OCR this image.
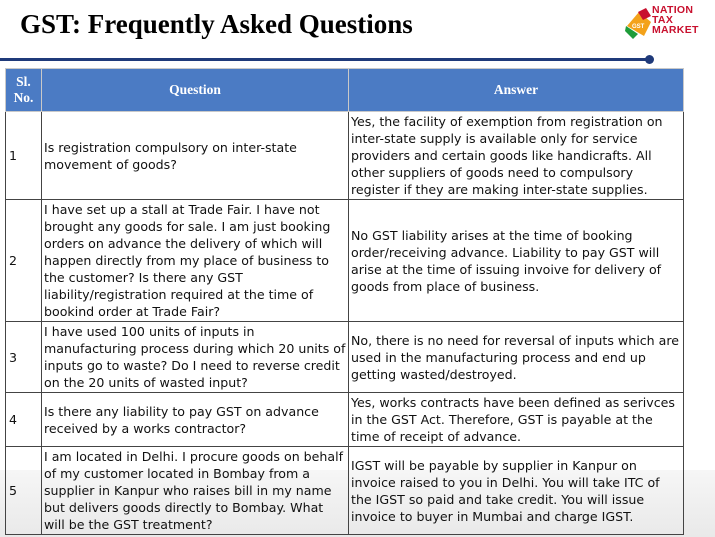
GST: Frequently Asked Questions	GST
NATION
TAX
MARKET
Sl. No.	Question	Answer
1	Is registration compulsory on inter-state movement of goods?	Yes, the facility of exemption from registration on inter-state supply is available only for service providers and certain goods like handicrafts. All other suppliers of goods need to compulsory register if they are making inter-state supplies.
2	I have set up a stall at Trade Fair. I have not brought any goods for sale. I am just booking orders on advance the delivery of which will happen directly from my place of business to the customer? Is there any GST liability/registration required at the time of bookind order at Trade Fair?	No GST liability arises at the time of booking order/receiving advance. Liability to pay GST will arise at the time of issuing invoive for delivery of goods from place of business.
3	I have used 100 units of inputs in manufacturing process during which 20 units of inputs go to waste? Do I need to reverse credit on the 20 units of wasted input?	No, there is no need for reversal of inputs which are used in the manufacturing process and end up getting wasted/destroyed.
4	Is there any liability to pay GST on advance received by a works contractor?	Yes, works contracts have been defined as serivces in the GST Act. Therefore, GST is payable at the time of receipt of advance.
5	I am located in Delhi. I procure goods on behalf of my customer located in Bombay from a supplier in Kanpur who raises bill in my name but delivers goods directly to Bombay. What will be the GST treatment?	IGST will be payable by supplier in Kanpur on invoice raised to you in Delhi. You will take ITC of the IGST so paid and take credit. You will issue invoice to buyer in Mumbai and charge IGST.
